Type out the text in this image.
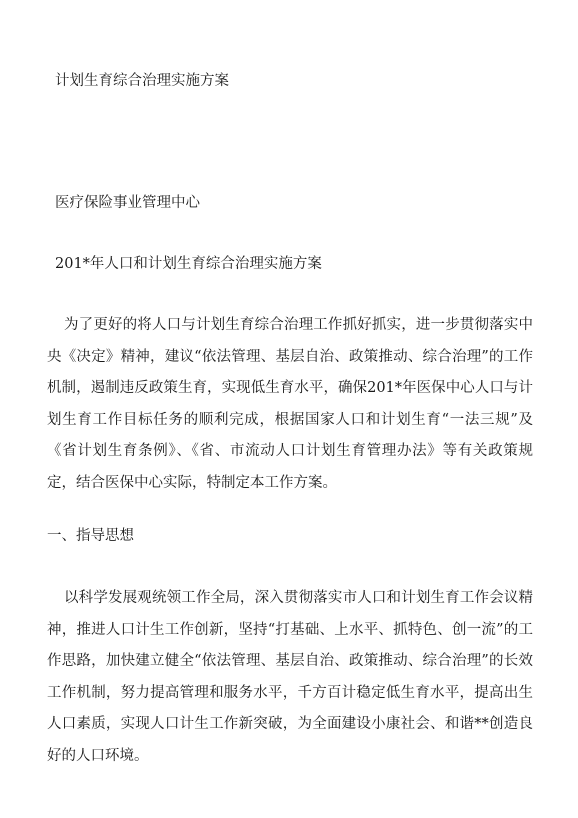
计划生育综合治理实施方案
医疗保险事业管理中心
201*年人口和计划生育综合治理实施方案
为了更好的将人口与计划生育综合治理工作抓好抓实，进一步贯彻落实中央《决定》精神，建议“依法管理、基层自治、政策推动、综合治理”的工作机制，遏制违反政策生育，实现低生育水平，确保201*年医保中心人口与计划生育工作目标任务的顺利完成，根据国家人口和计划生育“一法三规”及《省计划生育条例》、《省、市流动人口计划生育管理办法》等有关政策规定，结合医保中心实际，特制定本工作方案。
一、指导思想
以科学发展观统领工作全局，深入贯彻落实市人口和计划生育工作会议精神，推进人口计生工作创新，坚持“打基础、上水平、抓特色、创一流”的工作思路，加快建立健全“依法管理、基层自治、政策推动、综合治理”的长效工作机制，努力提高管理和服务水平，千方百计稳定低生育水平，提高出生人口素质，实现人口计生工作新突破，为全面建设小康社会、和谐**创造良好的人口环境。
